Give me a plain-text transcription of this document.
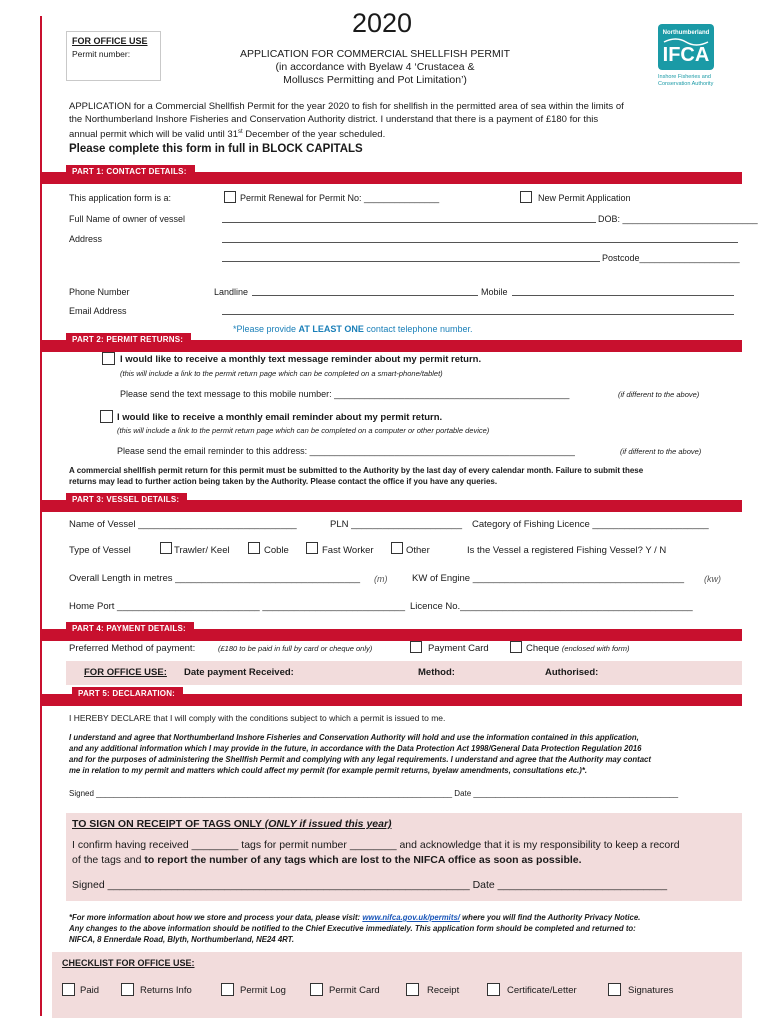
FOR OFFICE USE
Permit number:
2020
APPLICATION FOR COMMERCIAL SHELLFISH PERMIT
(in accordance with Byelaw 4 ‘Crustacea &
Molluscs Permitting and Pot Limitation’)
Northumberland
IFCA
Inshore Fisheries and
Conservation Authority
APPLICATION for a Commercial Shellfish Permit for the year 2020 to fish for shellfish in the permitted area of sea within the limits of
the Northumberland Inshore Fisheries and Conservation Authority district. I understand that there is a payment of £180 for this
annual permit which will be valid until 31st December of the year scheduled.
Please complete this form in full in BLOCK CAPITALS
PART 1: CONTACT DETAILS:
This application form is a:	Permit Renewal for Permit No: _______________	New Permit Application
Full Name of owner of vessel	DOB: ___________________________
Address
Postcode____________________
Phone Number	Landline	Mobile
Email Address
*Please provide AT LEAST ONE contact telephone number.
PART 2: PERMIT RETURNS:
I would like to receive a monthly text message reminder about my permit return.
(this will include a link to the permit return page which can be completed on a smart-phone/tablet)
Please send the text message to this mobile number: _______________________________________________	(if different to the above)
I would like to receive a monthly email reminder about my permit return.
(this will include a link to the permit return page which can be completed on a computer or other portable device)
Please send the email reminder to this address: _____________________________________________________	(if different to the above)
A commercial shellfish permit return for this permit must be submitted to the Authority by the last day of every calendar month. Failure to submit these
returns may lead to further action being taken by the Authority. Please contact the office if you have any queries.
PART 3: VESSEL DETAILS:
Name of Vessel ______________________________	PLN _____________________ Category of Fishing Licence ______________________
Type of Vessel	Trawler/ Keel	Coble	Fast Worker	Other	Is the Vessel a registered Fishing Vessel? Y / N
Overall Length in metres ___________________________________ (m)	KW of Engine ________________________________________ (kw)
Home Port ___________________________ ___________________________ Licence No.____________________________________________
PART 4: PAYMENT DETAILS:
Preferred Method of payment:	(£180 to be paid in full by card or cheque only)	Payment Card	Cheque (enclosed with form)
FOR OFFICE USE: Date payment Received:	Method:	Authorised:
PART 5: DECLARATION:
I HEREBY DECLARE that I will comply with the conditions subject to which a permit is issued to me.
I understand and agree that Northumberland Inshore Fisheries and Conservation Authority will hold and use the information contained in this application,
and any additional information which I may provide in the future, in accordance with the Data Protection Act 1998/General Data Protection Regulation 2016
and for the purposes of administering the Shellfish Permit and complying with any legal requirements. I understand and agree that the Authority may contact
me in relation to my permit and matters which could affect my permit (for example permit returns, byelaw amendments, consultations etc.)*.
Signed ________________________________________________________________________________ Date ______________________________________________
TO SIGN ON RECEIPT OF TAGS ONLY (ONLY if issued this year)
I confirm having received ________ tags for permit number ________ and acknowledge that it is my responsibility to keep a record
of the tags and to report the number of any tags which are lost to the NIFCA office as soon as possible.
Signed ______________________________________________________________ Date _____________________________
*For more information about how we store and process your data, please visit: www.nifca.gov.uk/permits/ where you will find the Authority Privacy Notice.
Any changes to the above information should be notified to the Chief Executive immediately. This application form should be completed and returned to:
NIFCA, 8 Ennerdale Road, Blyth, Northumberland, NE24 4RT.
CHECKLIST FOR OFFICE USE:
Paid	Returns Info	Permit Log	Permit Card	Receipt	Certificate/Letter	Signatures
